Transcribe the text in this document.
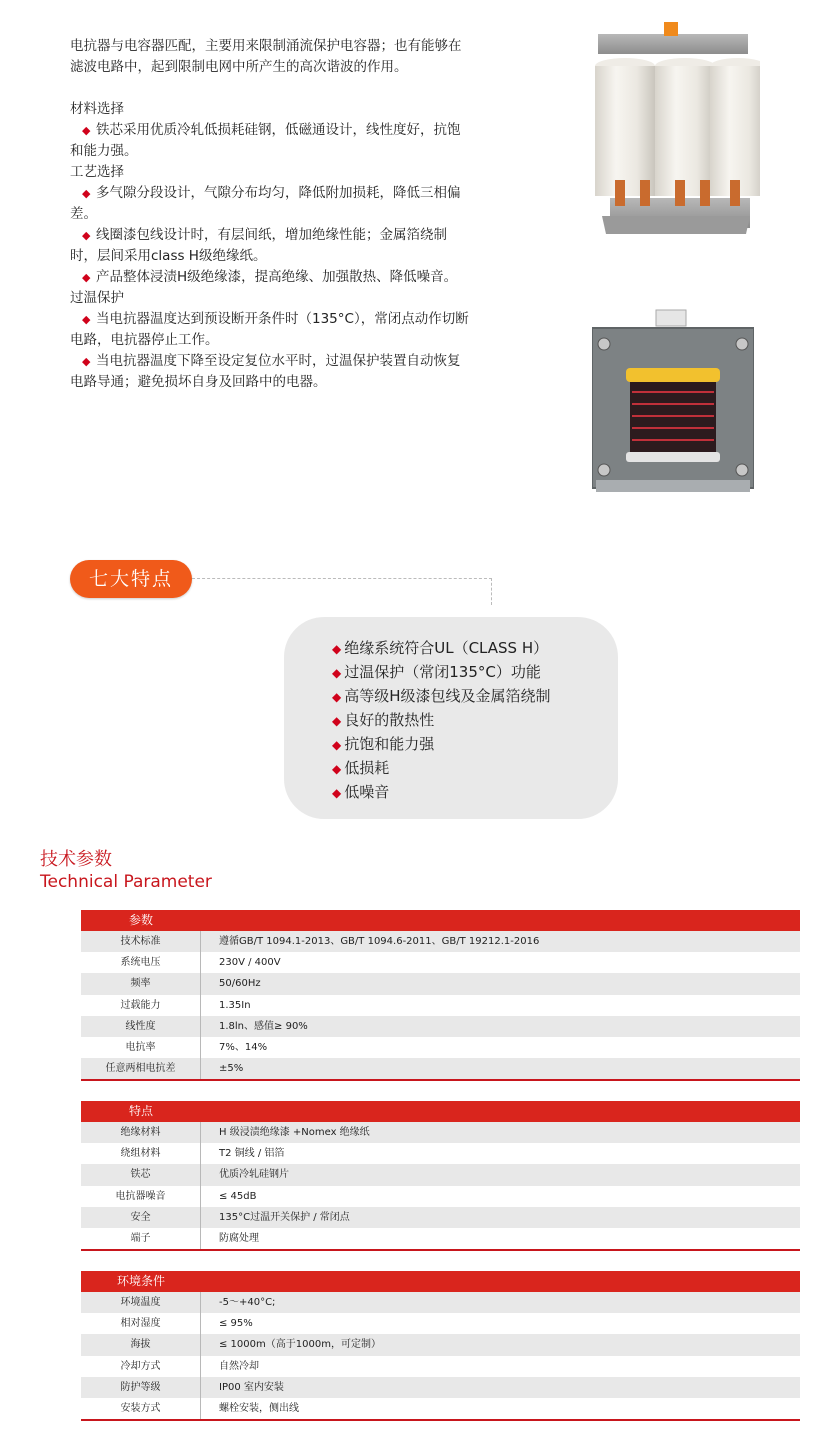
电抗器与电容器匹配，主要用来限制涌流保护电容器；也有能够在滤波电路中，起到限制电网中所产生的高次谐波的作用。

材料选择

◆ 铁芯采用优质冷轧低损耗硅钢，低磁通设计，线性度好，抗饱和能力强。

工艺选择

◆ 多气隙分段设计，气隙分布均匀，降低附加损耗，降低三相偏差。

◆ 线圈漆包线设计时，有层间纸，增加绝缘性能；金属箔绕制时，层间采用class H级绝缘纸。

◆ 产品整体浸渍H级绝缘漆，提高绝缘、加强散热、降低噪音。

过温保护

◆ 当电抗器温度达到预设断开条件时（135°C），常闭点动作切断电路，电抗器停止工作。

◆ 当电抗器温度下降至设定复位水平时，过温保护装置自动恢复电路导通；避免损坏自身及回路中的电器。

七大特点
◆ 绝缘系统符合UL（CLASS H）
◆ 过温保护（常闭135°C）功能
◆ 高等级H级漆包线及金属箔绕制
◆ 良好的散热性
◆ 抗饱和能力强
◆ 低损耗
◆ 低噪音
技术参数
Technical Parameter
参数
技术标准	遵循GB/T 1094.1-2013、GB/T 1094.6-2011、GB/T 19212.1-2016
系统电压	230V / 400V
频率	50/60Hz
过载能力	1.35In
线性度	1.8ln、感值≥ 90%
电抗率	7%、14%
任意两相电抗差	±5%
特点
绝缘材料	H 级浸渍绝缘漆 +Nomex 绝缘纸
绕组材料	T2 铜线 / 铝箔
铁芯	优质冷轧硅钢片
电抗器噪音	≤ 45dB
安全	135°C过温开关保护 / 常闭点
端子	防腐处理
环境条件
环境温度	-5～+40°C;
相对湿度	≤ 95%
海拔	≤ 1000m（高于1000m，可定制）
冷却方式	自然冷却
防护等级	IP00 室内安装
安装方式	螺栓安装，侧出线
